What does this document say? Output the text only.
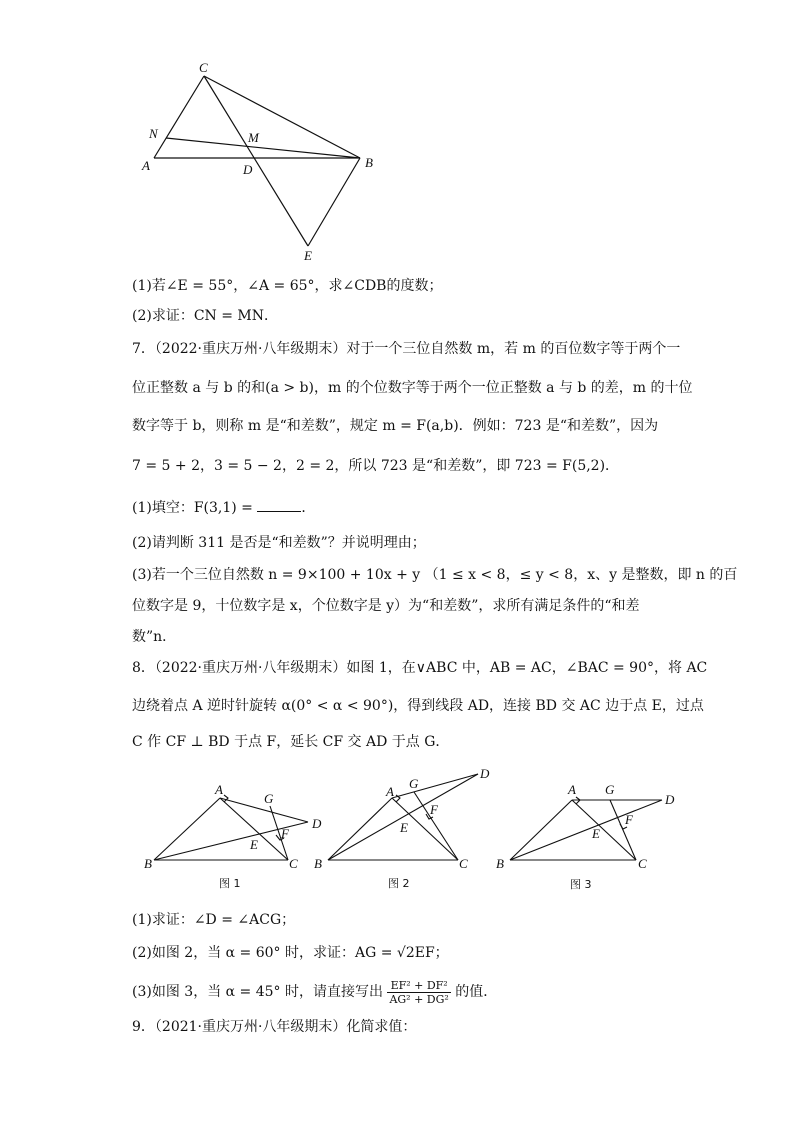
C
N	M
A	D	B
E
(1)若∠E = 55°，∠A = 65°，求∠CDB的度数；
(2)求证：CN = MN．
7．（2022·重庆万州·八年级期末）对于一个三位自然数 m，若 m 的百位数字等于两个一
位正整数 a 与 b 的和(a > b)，m 的个位数字等于两个一位正整数 a 与 b 的差，m 的十位
数字等于 b，则称 m 是“和差数”，规定 m = F(a,b)．例如：723 是“和差数”，因为
7 = 5 + 2，3 = 5 − 2，2 = 2，所以 723 是“和差数”，即 723 = F(5,2)．
(1)填空：F(3,1) =	．
(2)请判断 311 是否是“和差数”？并说明理由；
(3)若一个三位自然数 n = 9×100 + 10x + y （1 ≤ x < 8，≤ y < 8，x、y 是整数，即 n 的百
位数字是 9，十位数字是 x，个位数字是 y）为“和差数”，求所有满足条件的“和差
数”n．
8．（2022·重庆万州·八年级期末）如图 1，在∨ABC 中，AB = AC，∠BAC = 90°，将 AC
边绕着点 A 逆时针旋转 α(0° < α < 90°)，得到线段 AD，连接 BD 交 AC 边于点 E，过点
C 作 CF ⊥ BD 于点 F，延长 CF 交 AD 于点 G．
A
G
D
F
E
B	C
图 1
A
G
D
F
E
B	C
图 2
A G
D
F
E
B	C
图 3
(1)求证：∠D = ∠ACG；
(2)如图 2，当 α = 60° 时，求证：AG = √2EF；
(3)如图 3，当 α = 45° 时，请直接写出 $\frac{\text{EF² + DF²}}{\text{AG² + DG²}}$ 的值．
9．（2021·重庆万州·八年级期末）化简求值：
